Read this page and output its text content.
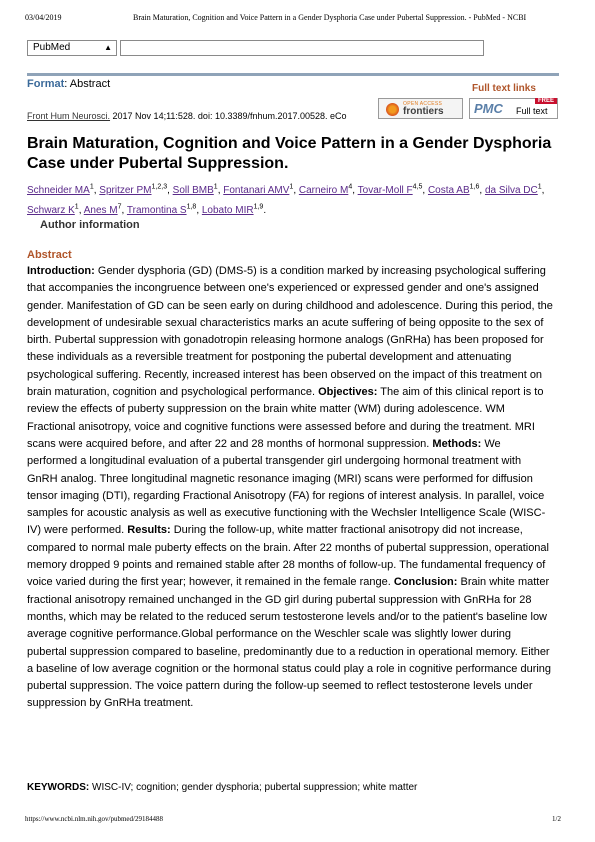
03/04/2019	Brain Maturation, Cognition and Voice Pattern in a Gender Dysphoria Case under Pubertal Suppression. - PubMed - NCBI
PubMed	▲︎

Format: Abstract	Full text links
Front Hum Neurosci. 2017 Nov 14;11:528. doi: 10.3389/fnhum.2017.00528. eCo
OPEN ACCESS
frontiers PMC	FREE
Full text
Brain Maturation, Cognition and Voice Pattern in a Gender Dysphoria Case under Pubertal Suppression.
Schneider $MA^1$, Spritzer PM$^{1,2,3}$, Soll BMB$^1$, Fontanari AMV$^1$, Carneiro $M^4$, Tovar-Moll F$^{4,5}$, Costa AB$^{1,6}$, da Silva $DC^1$, Schwarz $K^1$, Anes $M^7$, Tramontina S$^{1,8}$, Lobato MIR$^{1,9}$.
Author information
Abstract
Introduction: Gender dysphoria (GD) (DMS-5) is a condition marked by increasing psychological suffering that accompanies the incongruence between one's experienced or expressed gender and one's assigned gender. Manifestation of GD can be seen early on during childhood and adolescence. During this period, the development of undesirable sexual characteristics marks an acute suffering of being opposite to the sex of birth. Pubertal suppression with gonadotropin releasing hormone analogs (GnRHa) has been proposed for these individuals as a reversible treatment for postponing the pubertal development and attenuating psychological suffering. Recently, increased interest has been observed on the impact of this treatment on brain maturation, cognition and psychological performance. Objectives: The aim of this clinical report is to review the effects of puberty suppression on the brain white matter (WM) during adolescence. WM Fractional anisotropy, voice and cognitive functions were assessed before and during the treatment. MRI scans were acquired before, and after 22 and 28 months of hormonal suppression. Methods: We performed a longitudinal evaluation of a pubertal transgender girl undergoing hormonal treatment with GnRH analog. Three longitudinal magnetic resonance imaging (MRI) scans were performed for diffusion tensor imaging (DTI), regarding Fractional Anisotropy (FA) for regions of interest analysis. In parallel, voice samples for acoustic analysis as well as executive functioning with the Wechsler Intelligence Scale (WISC-IV) were performed. Results: During the follow-up, white matter fractional anisotropy did not increase, compared to normal male puberty effects on the brain. After 22 months of pubertal suppression, operational memory dropped 9 points and remained stable after 28 months of follow-up. The fundamental frequency of voice varied during the first year; however, it remained in the female range. Conclusion: Brain white matter fractional anisotropy remained unchanged in the GD girl during pubertal suppression with GnRHa for 28 months, which may be related to the reduced serum testosterone levels and/or to the patient's baseline low average cognitive performance.Global performance on the Weschler scale was slightly lower during pubertal suppression compared to baseline, predominantly due to a reduction in operational memory. Either a baseline of low average cognition or the hormonal status could play a role in cognitive performance during pubertal suppression. The voice pattern during the follow-up seemed to reflect testosterone levels under suppression by GnRHa treatment.
KEYWORDS: WISC-IV; cognition; gender dysphoria; pubertal suppression; white matter
https://www.ncbi.nlm.nih.gov/pubmed/29184488	1/2
